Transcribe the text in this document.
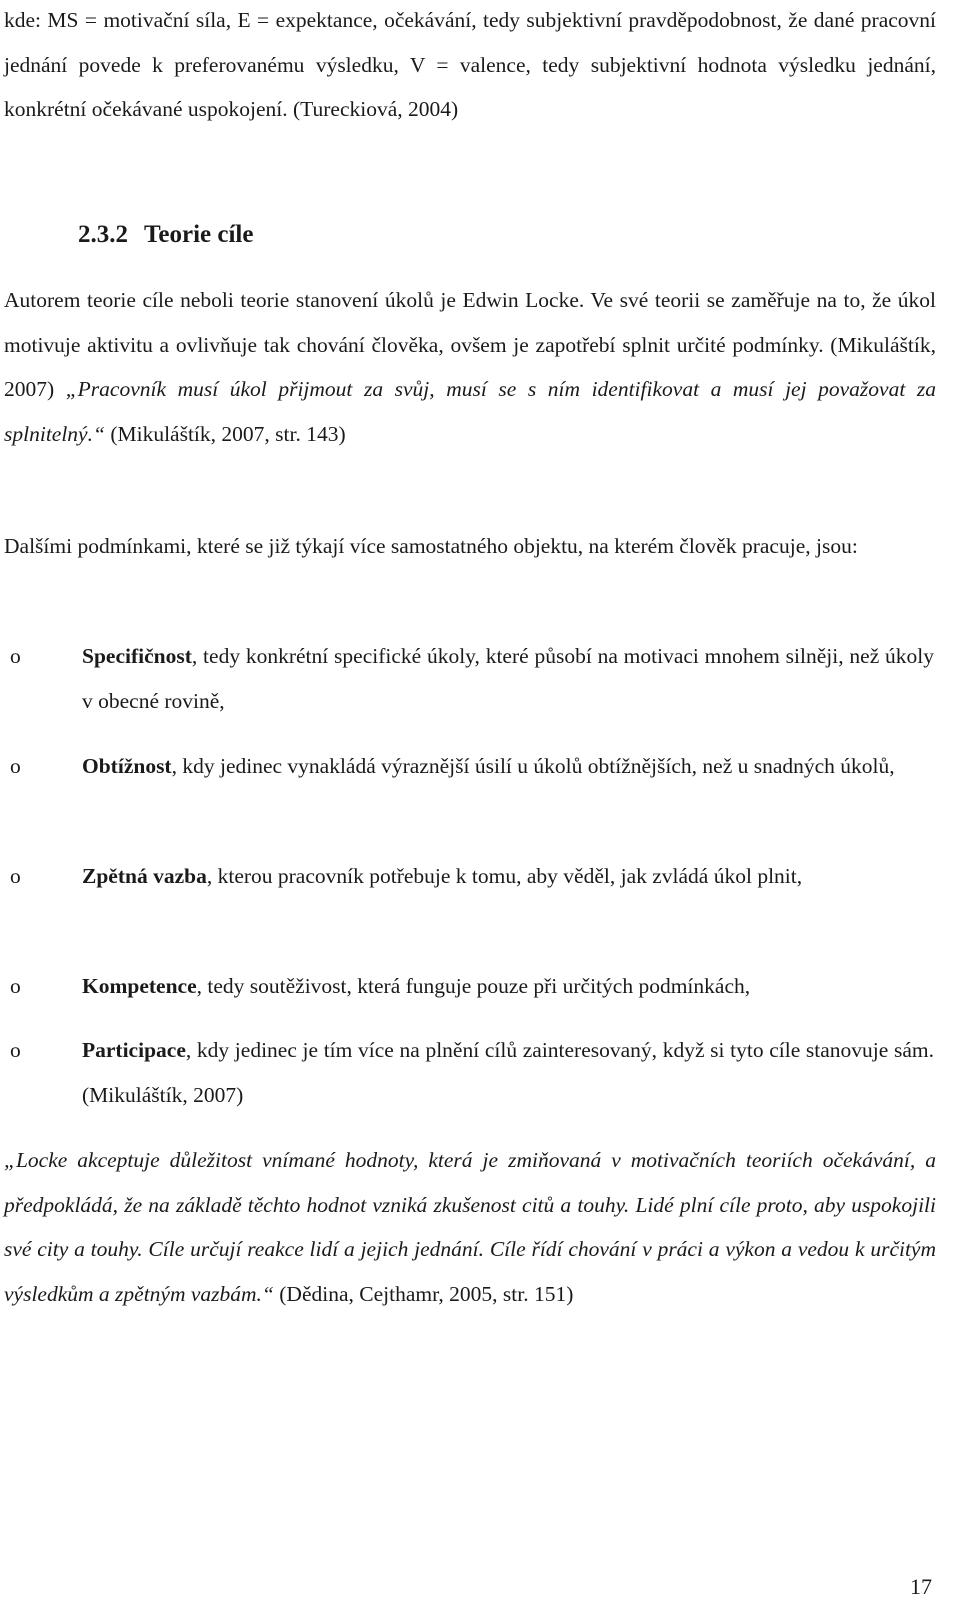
kde: MS = motivační síla, E = expektance, očekávání, tedy subjektivní pravděpodobnost, že dané pracovní jednání povede k preferovanému výsledku, V = valence, tedy subjektivní hodnota výsledku jednání, konkrétní očekávané uspokojení. (Tureckiová, 2004)

2.3.2 Teorie cíle

Autorem teorie cíle neboli teorie stanovení úkolů je Edwin Locke. Ve své teorii se zaměřuje na to, že úkol motivuje aktivitu a ovlivňuje tak chování člověka, ovšem je zapotřebí splnit určité podmínky. (Mikuláštík, 2007) „Pracovník musí úkol přijmout za svůj, musí se s ním identifikovat a musí jej považovat za splnitelný.“ (Mikuláštík, 2007, str. 143)

Dalšími podmínkami, které se již týkají více samostatného objektu, na kterém člověk pracuje, jsou:

o	Specifičnost, tedy konkrétní specifické úkoly, které působí na motivaci mnohem silněji, než úkoly v obecné rovině,

o	Obtížnost, kdy jedinec vynakládá výraznější úsilí u úkolů obtížnějších, než u snadných úkolů,

o	Zpětná vazba, kterou pracovník potřebuje k tomu, aby věděl, jak zvládá úkol plnit,

o	Kompetence, tedy soutěživost, která funguje pouze při určitých podmínkách,

o	Participace, kdy jedinec je tím více na plnění cílů zainteresovaný, když si tyto cíle stanovuje sám. (Mikuláštík, 2007)

„Locke akceptuje důležitost vnímané hodnoty, která je zmiňovaná v motivačních teoriích očekávání, a předpokládá, že na základě těchto hodnot vzniká zkušenost citů a touhy. Lidé plní cíle proto, aby uspokojili své city a touhy. Cíle určují reakce lidí a jejich jednání. Cíle řídí chování v práci a výkon a vedou k určitým výsledkům a zpětným vazbám.“ (Dědina, Cejthamr, 2005, str. 151)

17
